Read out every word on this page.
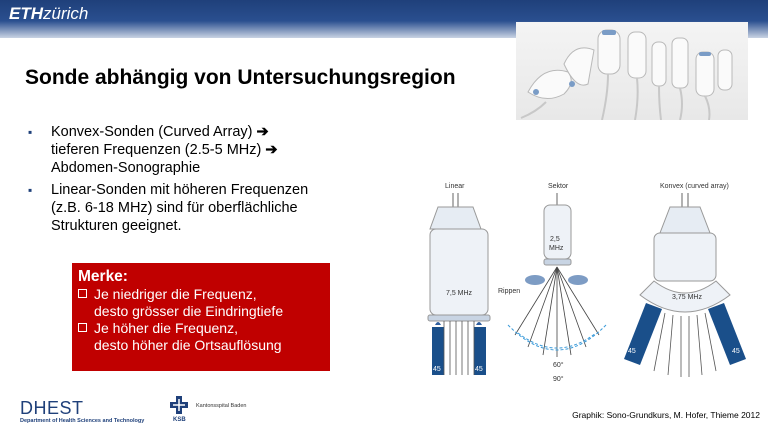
ETHzürich
Sonde abhängig von Untersuchungsregion
▪ Konvex-Sonden (Curved Array) ➔
tieferen Frequenzen (2.5-5 MHz) ➔
Abdomen-Sonographie
▪ Linear-Sonden mit höheren Frequenzen
(z.B. 6-18 MHz) sind für oberflächliche
Strukturen geeignet.
Merke:
Je niedriger die Frequenz,
desto grösser die Eindringtiefe
Je höher die Frequenz,
desto höher die Ortsauflösung
Linear
7,5 MHz
45	45
Sektor
2,5
MHz
Rippen
60°
90°
Konvex (curved array)
3,75 MHz
45	45
DHEST
Department of Health Sciences and Technology	KSB
Kantonsspital Baden
Graphik: Sono-Grundkurs, M. Hofer, Thieme 2012
